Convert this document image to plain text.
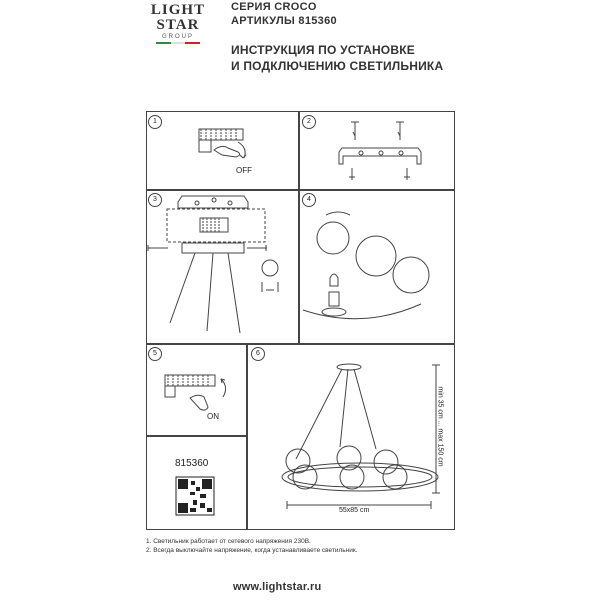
LIGHT
STAR
GROUP
СЕРИЯ CROCO
АРТИКУЛЫ 815360
ИНСТРУКЦИЯ ПО УСТАНОВКЕ
И ПОДКЛЮЧЕНИЮ СВЕТИЛЬНИКА
1	2
3	4
5	6
OFF
ON
815360
55x85 cm
min 35 cm ... max 150 cm
1. Светильник работает от сетевого напряжения 230В.
2. Всегда выключайте напряжение, когда устанавливаете светильник.
www.lightstar.ru
